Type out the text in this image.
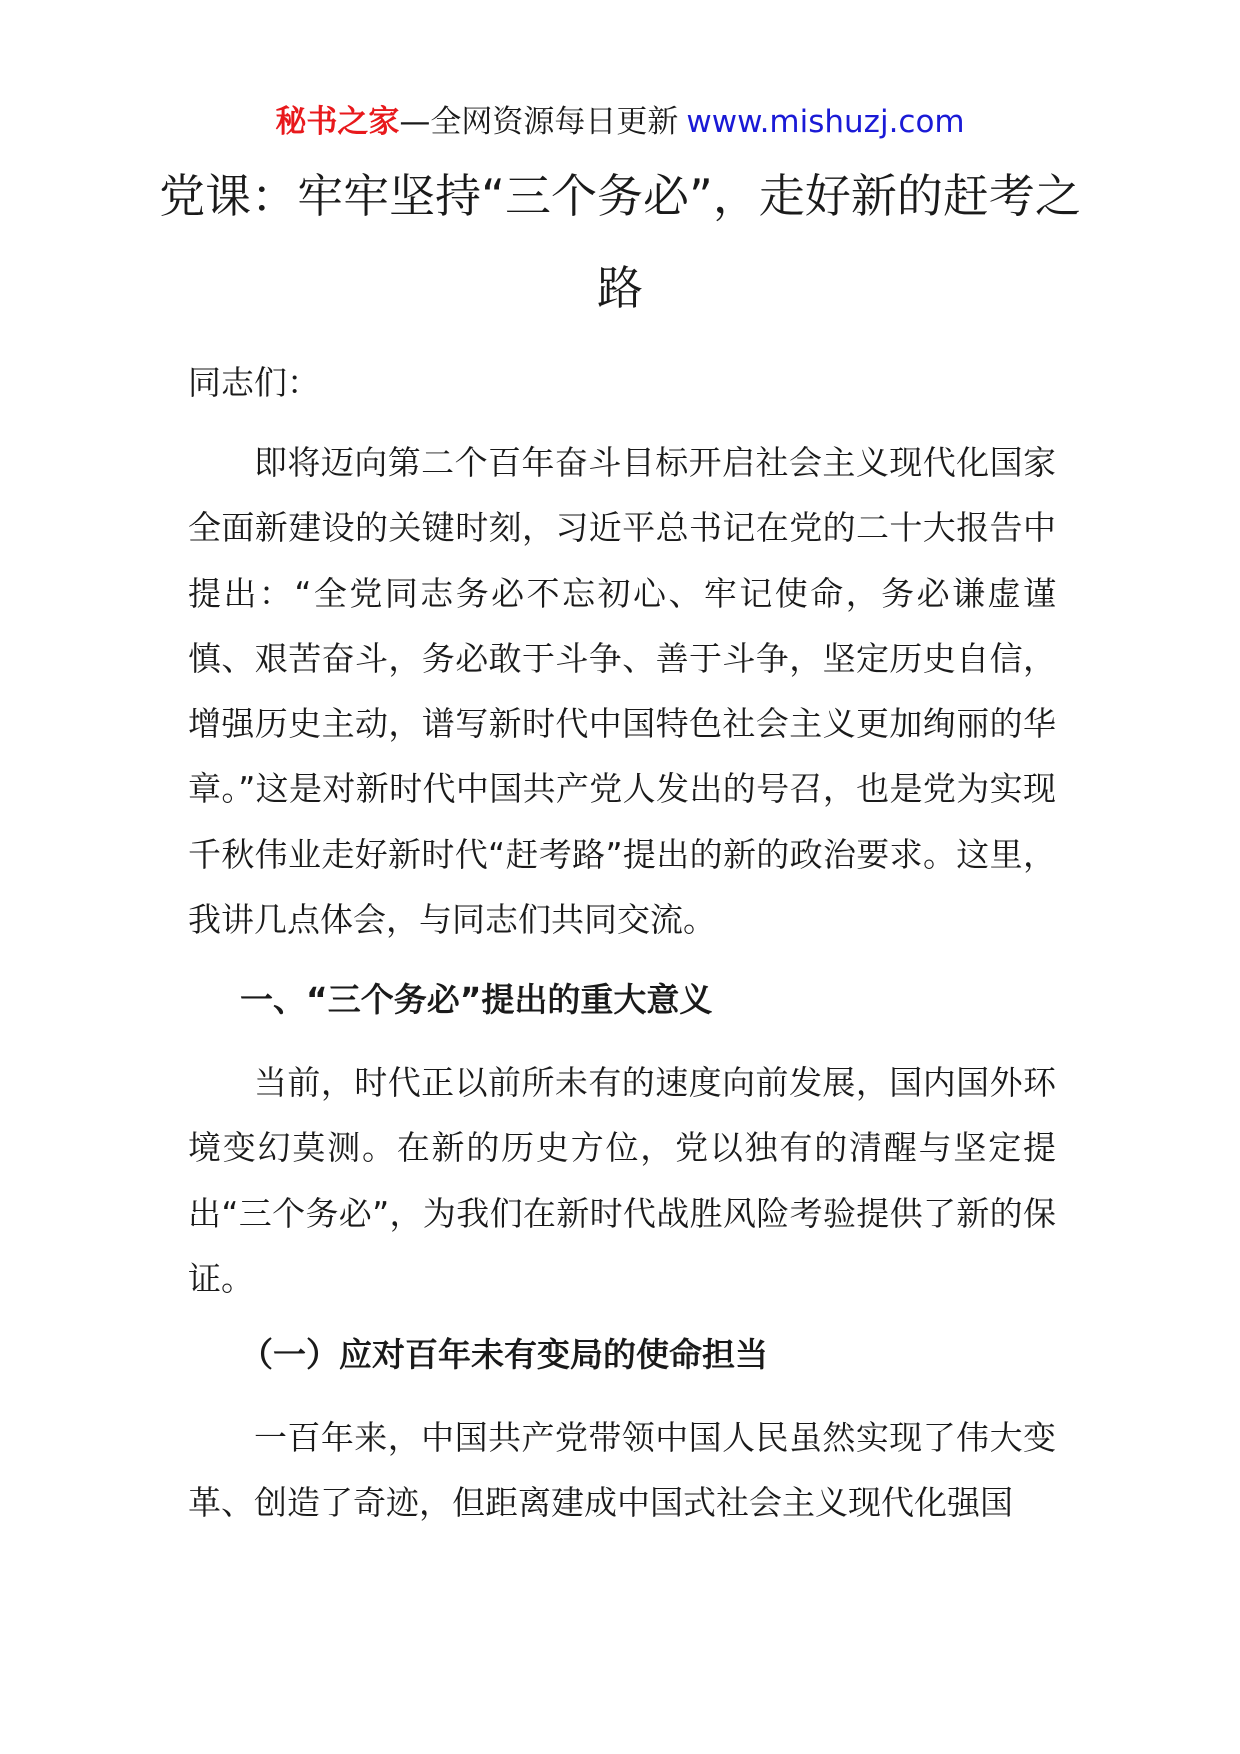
秘书之家—全网资源每日更新 www.mishuzj.com
党课：牢牢坚持“三个务必”，走好新的赶考之路

同志们：

即将迈向第二个百年奋斗目标开启社会主义现代化国家全面新建设的关键时刻，习近平总书记在党的二十大报告中提出：“全党同志务必不忘初心、牢记使命，务必谦虚谨慎、艰苦奋斗，务必敢于斗争、善于斗争，坚定历史自信，增强历史主动，谱写新时代中国特色社会主义更加绚丽的华章。”这是对新时代中国共产党人发出的号召，也是党为实现千秋伟业走好新时代“赶考路”提出的新的政治要求。这里，我讲几点体会，与同志们共同交流。

一、“三个务必”提出的重大意义

当前，时代正以前所未有的速度向前发展，国内国外环境变幻莫测。在新的历史方位，党以独有的清醒与坚定提出“三个务必”，为我们在新时代战胜风险考验提供了新的保证。

（一）应对百年未有变局的使命担当

一百年来，中国共产党带领中国人民虽然实现了伟大变革、创造了奇迹，但距离建成中国式社会主义现代化强国
